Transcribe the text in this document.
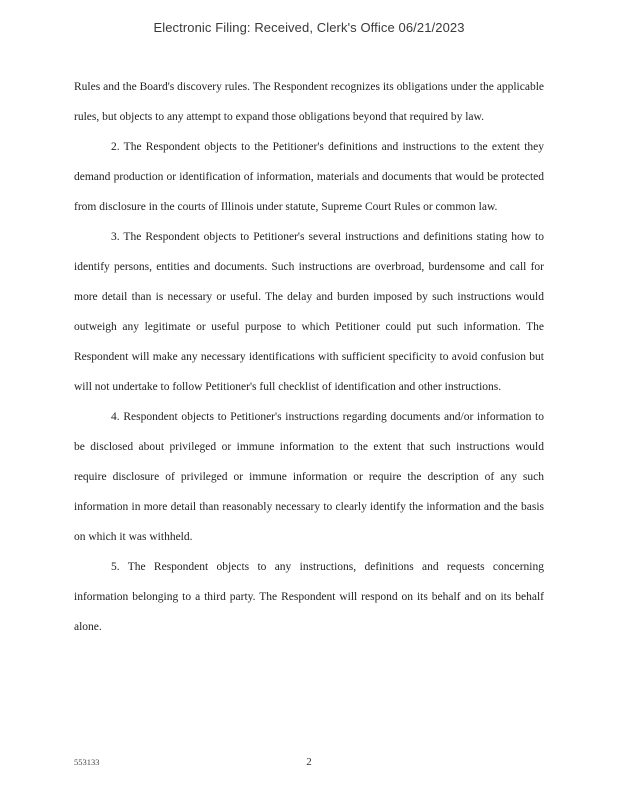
Electronic Filing: Received, Clerk's Office 06/21/2023

Rules and the Board's discovery rules. The Respondent recognizes its obligations under the applicable rules, but objects to any attempt to expand those obligations beyond that required by law.

2. The Respondent objects to the Petitioner's definitions and instructions to the extent they demand production or identification of information, materials and documents that would be protected from disclosure in the courts of Illinois under statute, Supreme Court Rules or common law.

3. The Respondent objects to Petitioner's several instructions and definitions stating how to identify persons, entities and documents. Such instructions are overbroad, burdensome and call for more detail than is necessary or useful. The delay and burden imposed by such instructions would outweigh any legitimate or useful purpose to which Petitioner could put such information. The Respondent will make any necessary identifications with sufficient specificity to avoid confusion but will not undertake to follow Petitioner's full checklist of identification and other instructions.

4. Respondent objects to Petitioner's instructions regarding documents and/or information to be disclosed about privileged or immune information to the extent that such instructions would require disclosure of privileged or immune information or require the description of any such information in more detail than reasonably necessary to clearly identify the information and the basis on which it was withheld.

5. The Respondent objects to any instructions, definitions and requests concerning information belonging to a third party. The Respondent will respond on its behalf and on its behalf alone.

553133	2
